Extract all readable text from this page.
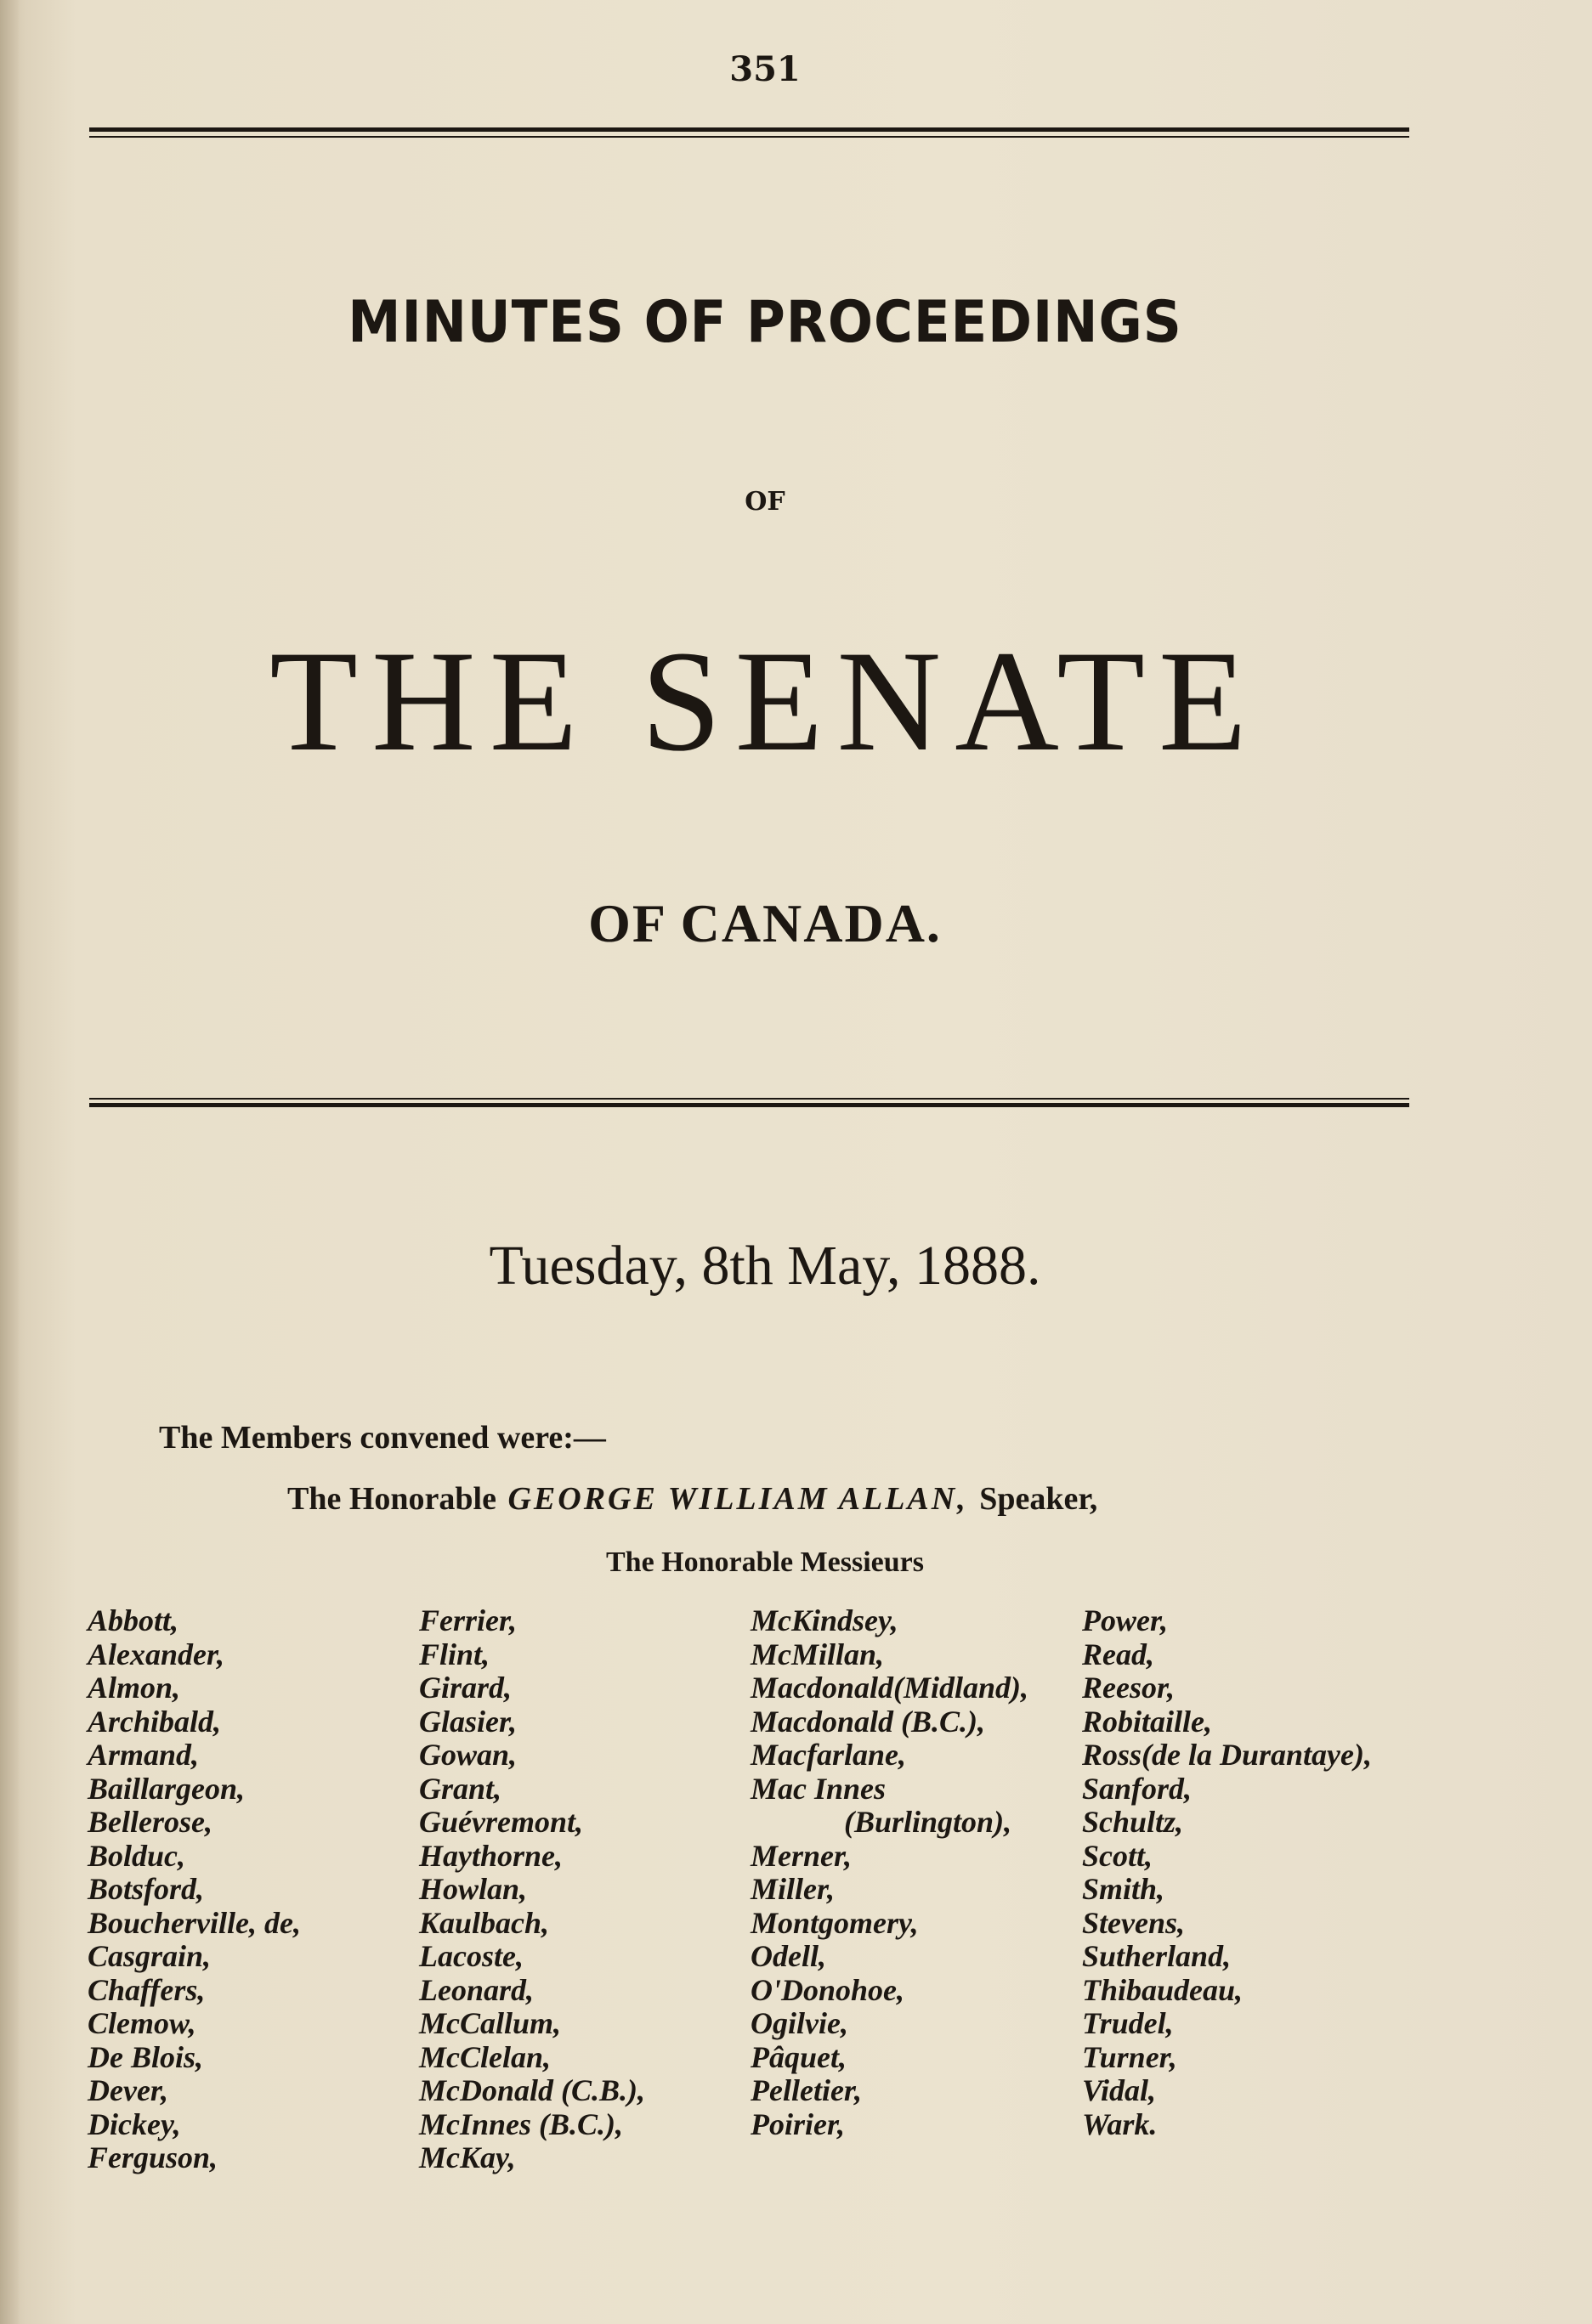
351
MINUTES OF PROCEEDINGS
OF
THE SENATE
OF CANADA.
Tuesday, 8th May, 1888.
The Members convened were:—
The Honorable GEORGE WILLIAM ALLAN, Speaker,
The Honorable Messieurs
Abbott,
Alexander,
Almon,
Archibald,
Armand,
Baillargeon,
Bellerose,
Bolduc,
Botsford,
Boucherville, de,
Casgrain,
Chaffers,
Clemow,
De Blois,
Dever,
Dickey,
Ferguson,
Ferrier,
Flint,
Girard,
Glasier,
Gowan,
Grant,
Guévremont,
Haythorne,
Howlan,
Kaulbach,
Lacoste,
Leonard,
McCallum,
McClelan,
McDonald (C.B.),
McInnes (B.C.),
McKay,
McKindsey,
McMillan,
Macdonald(Midland),
Macdonald (B.C.),
Macfarlane,
Mac Innes
(Burlington),
Merner,
Miller,
Montgomery,
Odell,
O'Donohoe,
Ogilvie,
Pâquet,
Pelletier,
Poirier,
Power,
Read,
Reesor,
Robitaille,
Ross(de la Durantaye),
Sanford,
Schultz,
Scott,
Smith,
Stevens,
Sutherland,
Thibaudeau,
Trudel,
Turner,
Vidal,
Wark.
